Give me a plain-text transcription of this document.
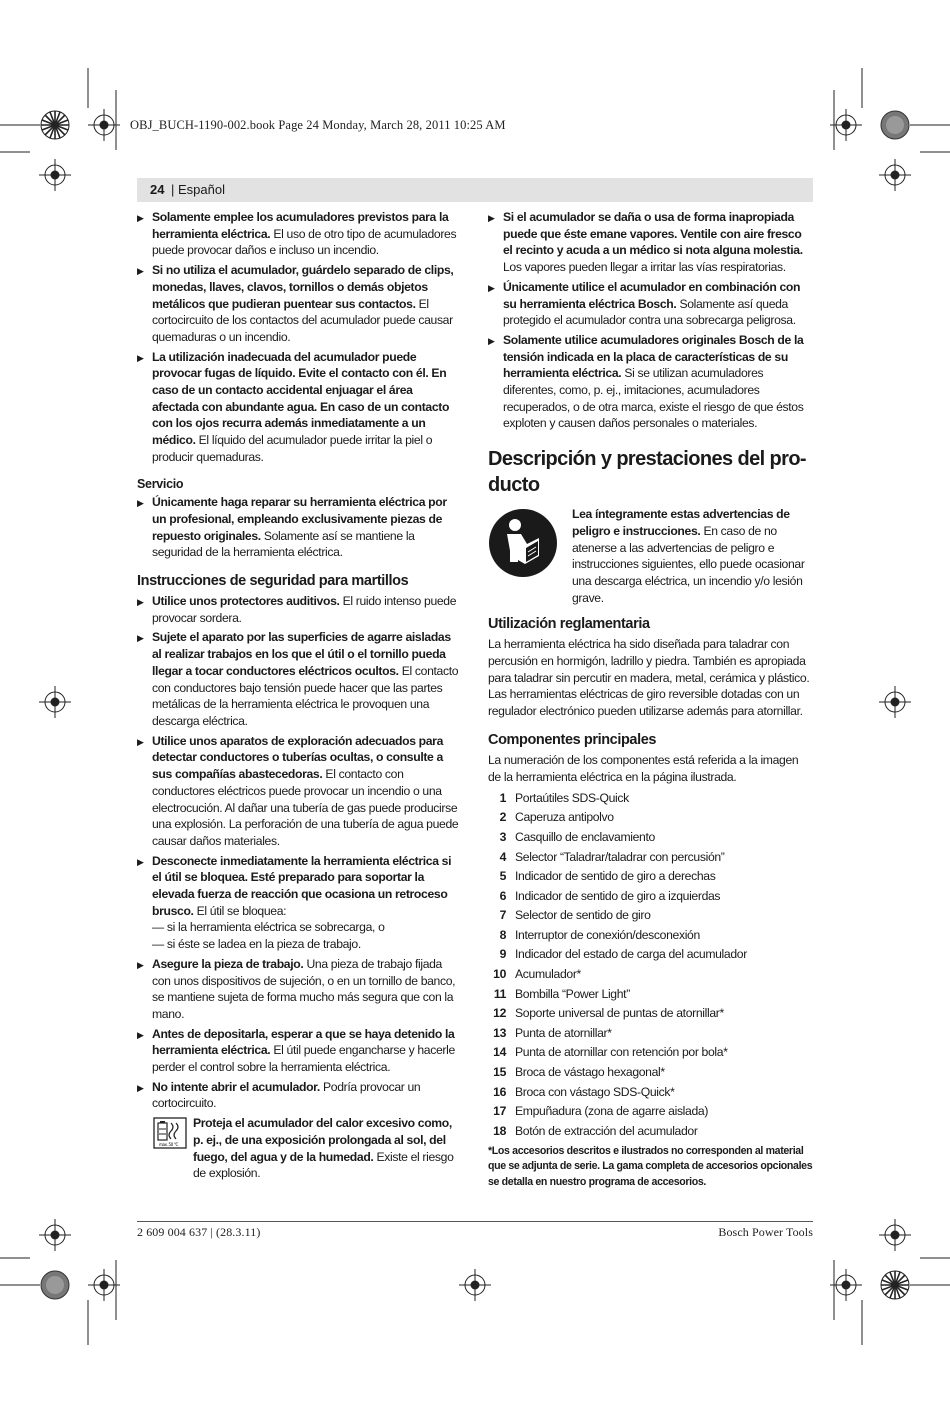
OBJ_BUCH-1190-002.book Page 24 Monday, March 28, 2011 10:25 AM
24 | Español
▶ Solamente emplee los acumuladores previstos para la herramienta eléctrica. El uso de otro tipo de acumuladores puede provocar daños e incluso un incendio.
▶ Si no utiliza el acumulador, guárdelo separado de clips, monedas, llaves, clavos, tornillos o demás objetos metálicos que pudieran puentear sus contactos. El cortocircuito de los contactos del acumulador puede causar quemaduras o un incendio.
▶ La utilización inadecuada del acumulador puede provocar fugas de líquido. Evite el contacto con él. En caso de un contacto accidental enjuagar el área afectada con abundante agua. En caso de un contacto con los ojos recurra además inmediatamente a un médico. El líquido del acumulador puede irritar la piel o producir quemaduras.
Servicio
▶ Únicamente haga reparar su herramienta eléctrica por un profesional, empleando exclusivamente piezas de repuesto originales. Solamente así se mantiene la seguridad de la herramienta eléctrica.
Instrucciones de seguridad para martillos
▶ Utilice unos protectores auditivos. El ruido intenso puede provocar sordera.
▶ Sujete el aparato por las superficies de agarre aisladas al realizar trabajos en los que el útil o el tornillo pueda llegar a tocar conductores eléctricos ocultos. El contacto con conductores bajo tensión puede hacer que las partes metálicas de la herramienta eléctrica le provoquen una descarga eléctrica.
▶ Utilice unos aparatos de exploración adecuados para detectar conductores o tuberías ocultas, o consulte a sus compañías abastecedoras. El contacto con conductores eléctricos puede provocar un incendio o una electrocución. Al dañar una tubería de gas puede producirse una explosión. La perforación de una tubería de agua puede causar daños materiales.
▶ Desconecte inmediatamente la herramienta eléctrica si el útil se bloquea. Esté preparado para soportar la elevada fuerza de reacción que ocasiona un retroceso brusco. El útil se bloquea:
— si la herramienta eléctrica se sobrecarga, o
— si éste se ladea en la pieza de trabajo.
▶ Asegure la pieza de trabajo. Una pieza de trabajo fijada con unos dispositivos de sujeción, o en un tornillo de banco, se mantiene sujeta de forma mucho más segura que con la mano.
▶ Antes de depositarla, esperar a que se haya detenido la herramienta eléctrica. El útil puede engancharse y hacerle perder el control sobre la herramienta eléctrica.
▶ No intente abrir el acumulador. Podría provocar un cortocircuito.
max. 50 °C
Proteja el acumulador del calor excesivo como, p. ej., de una exposición prolongada al sol, del fuego, del agua y de la humedad. Existe el riesgo de explosión.
▶ Si el acumulador se daña o usa de forma inapropiada puede que éste emane vapores. Ventile con aire fresco el recinto y acuda a un médico si nota alguna molestia. Los vapores pueden llegar a irritar las vías respiratorias.
▶ Únicamente utilice el acumulador en combinación con su herramienta eléctrica Bosch. Solamente así queda protegido el acumulador contra una sobrecarga peligrosa.
▶ Solamente utilice acumuladores originales Bosch de la tensión indicada en la placa de características de su herramienta eléctrica. Si se utilizan acumuladores diferentes, como, p. ej., imitaciones, acumuladores recuperados, o de otra marca, existe el riesgo de que éstos exploten y causen daños personales o materiales.
Descripción y prestaciones del pro-
ducto
Lea íntegramente estas advertencias de peligro e instrucciones. En caso de no atenerse a las advertencias de peligro e instrucciones siguientes, ello puede ocasionar una descarga eléctrica, un incendio y/o lesión grave.
Utilización reglamentaria

La herramienta eléctrica ha sido diseñada para taladrar con percusión en hormigón, ladrillo y piedra. También es apropiada para taladrar sin percutir en madera, metal, cerámica y plástico. Las herramientas eléctricas de giro reversible dotadas con un regulador electrónico pueden utilizarse además para atornillar.

Componentes principales

La numeración de los componentes está referida a la imagen de la herramienta eléctrica en la página ilustrada.

1 Portaútiles SDS-Quick
2 Caperuza antipolvo
3 Casquillo de enclavamiento
4 Selector “Taladrar/taladrar con percusión”
5 Indicador de sentido de giro a derechas
6 Indicador de sentido de giro a izquierdas
7 Selector de sentido de giro
8 Interruptor de conexión/desconexión
9 Indicador del estado de carga del acumulador
10 Acumulador*
11 Bombilla “Power Light”
12 Soporte universal de puntas de atornillar*
13 Punta de atornillar*
14 Punta de atornillar con retención por bola*
15 Broca de vástago hexagonal*
16 Broca con vástago SDS-Quick*
17 Empuñadura (zona de agarre aislada)
18 Botón de extracción del acumulador

*Los accesorios descritos e ilustrados no corresponden al material que se adjunta de serie. La gama completa de accesorios opcionales se detalla en nuestro programa de accesorios.

2 609 004 637 | (28.3.11)	Bosch Power Tools
